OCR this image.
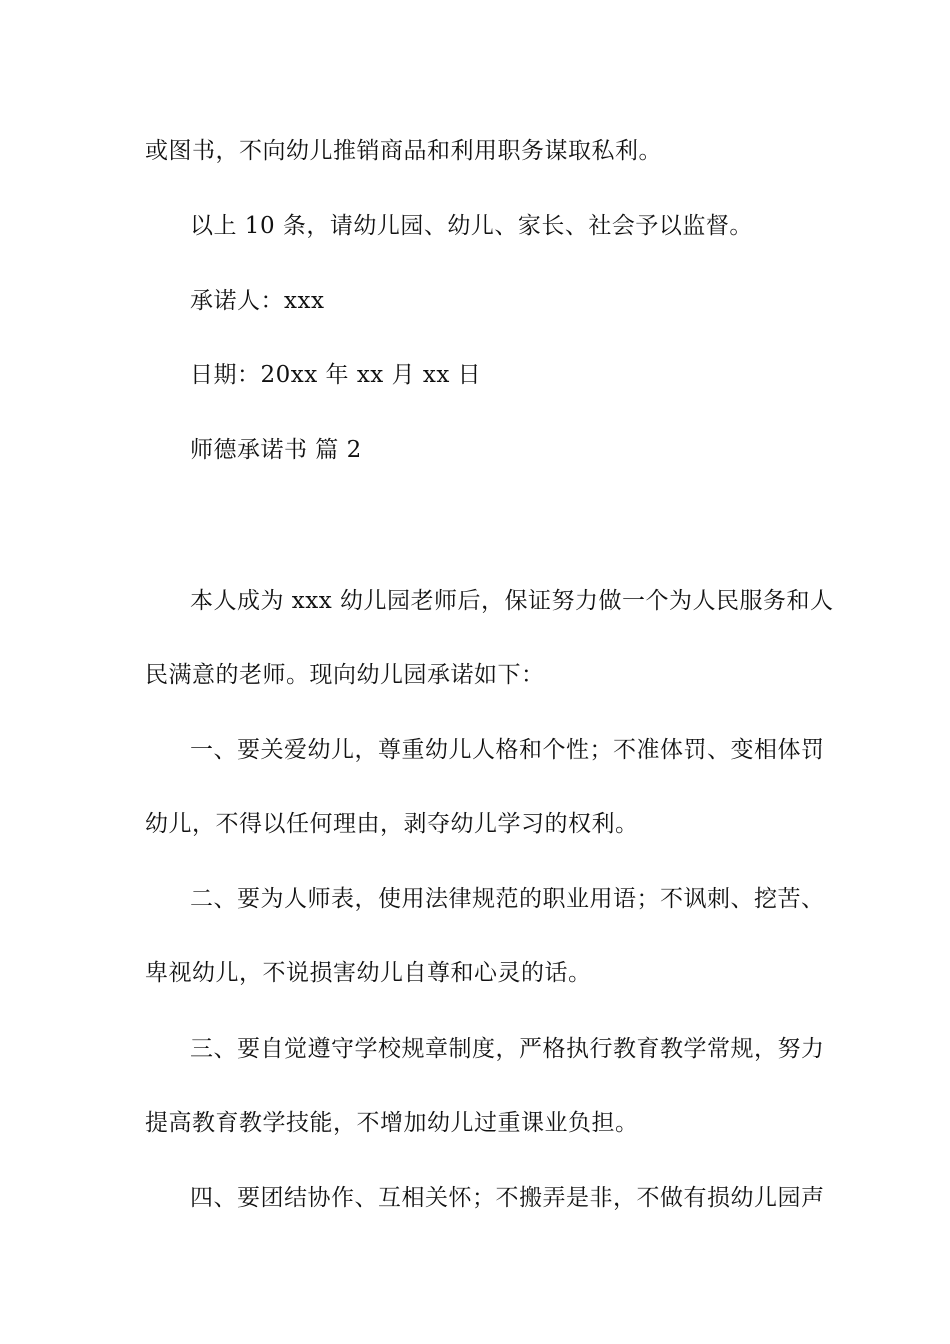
或图书，不向幼儿推销商品和利用职务谋取私利。
以上 10 条，请幼儿园、幼儿、家长、社会予以监督。
承诺人：xxx
日期：20xx 年 xx 月 xx 日
师德承诺书 篇 2
本人成为 xxx 幼儿园老师后，保证努力做一个为人民服务和人
民满意的老师。现向幼儿园承诺如下：
一、要关爱幼儿，尊重幼儿人格和个性；不准体罚、变相体罚
幼儿，不得以任何理由，剥夺幼儿学习的权利。
二、要为人师表，使用法律规范的职业用语；不讽刺、挖苦、
卑视幼儿，不说损害幼儿自尊和心灵的话。
三、要自觉遵守学校规章制度，严格执行教育教学常规，努力
提高教育教学技能，不增加幼儿过重课业负担。
四、要团结协作、互相关怀；不搬弄是非，不做有损幼儿园声
